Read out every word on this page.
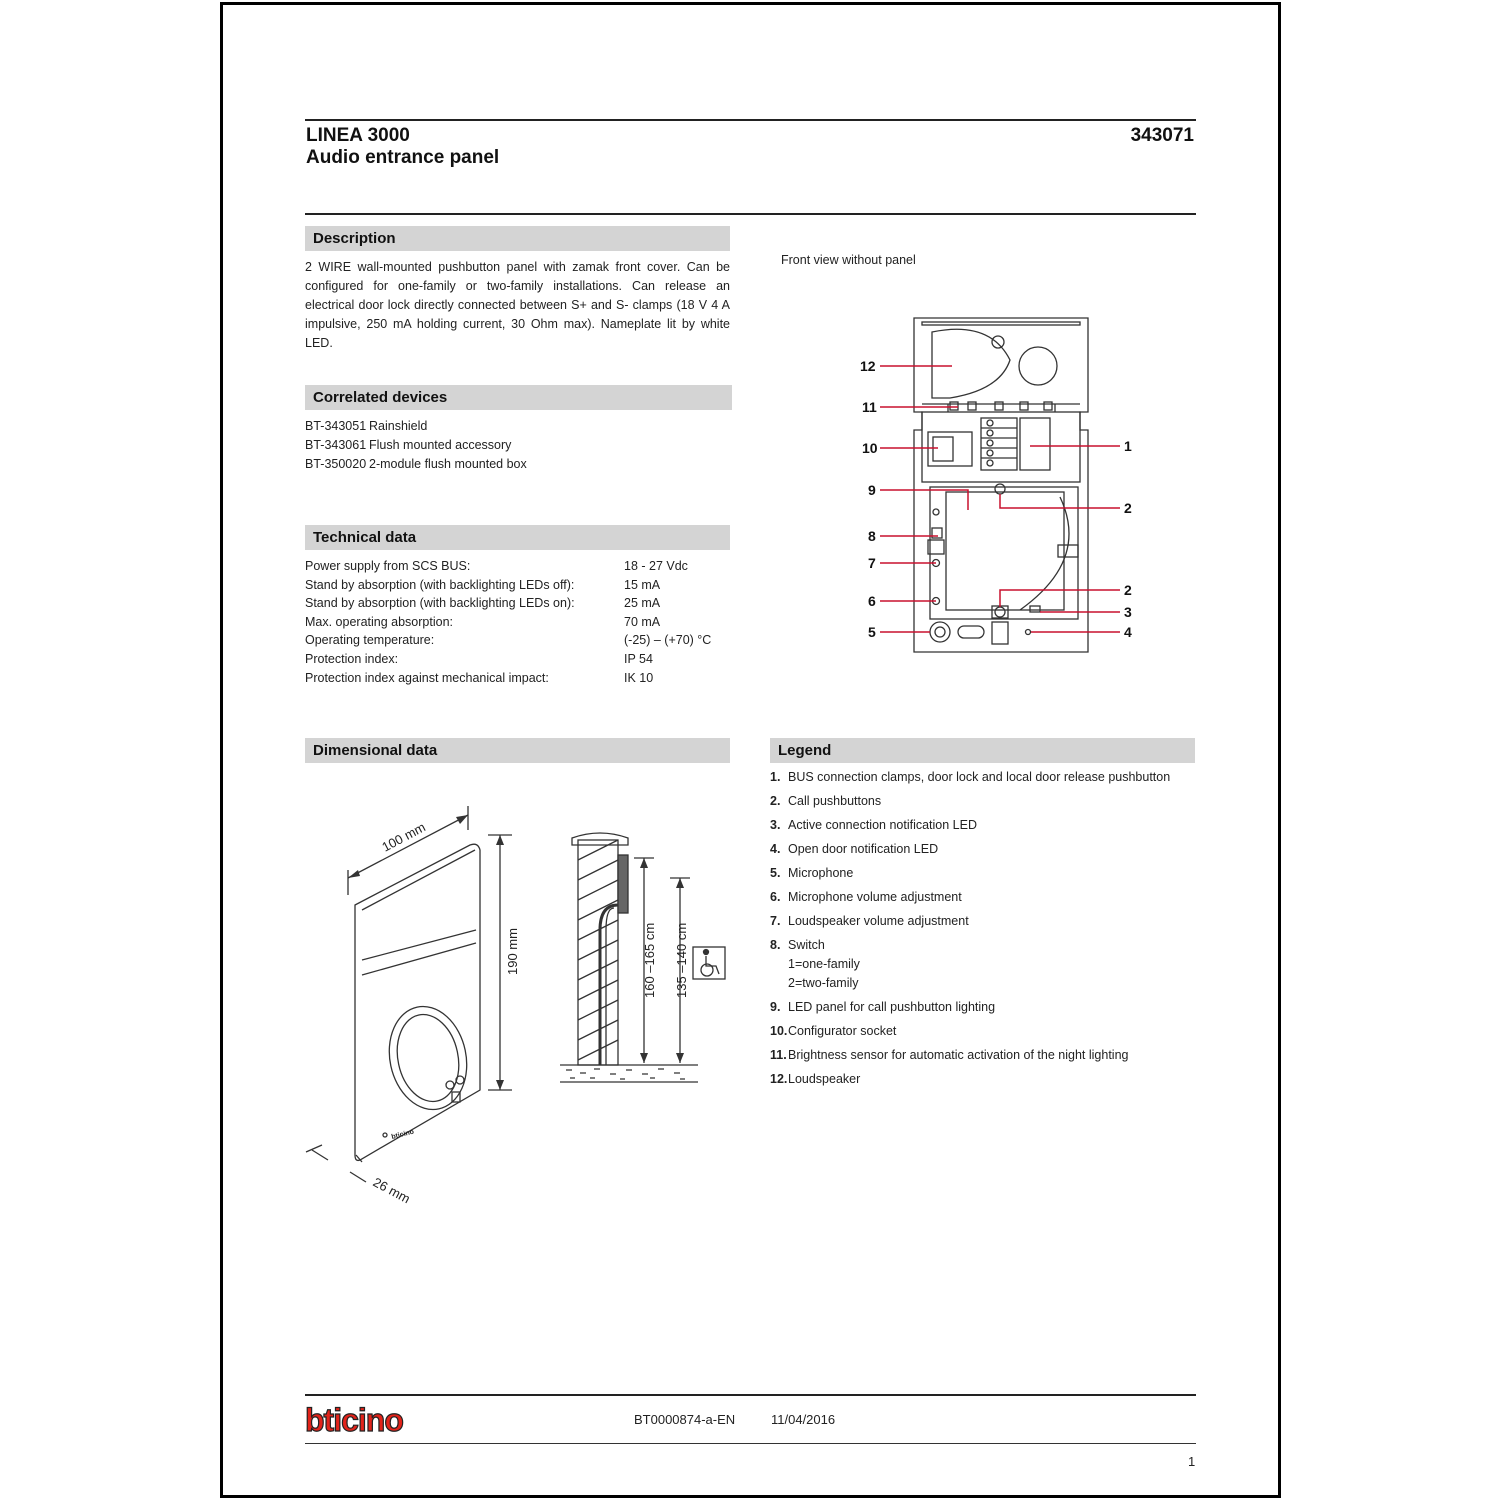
LINEA 3000
Audio entrance panel
343071
Description
2 WIRE wall-mounted pushbutton panel with zamak front cover. Can be configured for one-family or two-family installations. Can release an electrical door lock directly connected between S+ and S- clamps (18 V 4 A impulsive, 250 mA holding current, 30 Ohm max). Nameplate lit by white LED.
Correlated devices
BT-343051 Rainshield
BT-343061 Flush mounted accessory
BT-350020 2-module flush mounted box
Technical data
Power supply from SCS BUS:	18 - 27 Vdc
Stand by absorption (with backlighting LEDs off):	15 mA
Stand by absorption (with backlighting LEDs on):	25 mA
Max. operating absorption:	70 mA
Operating temperature:	(-25) – (+70) °C
Protection index:	IP 54
Protection index against mechanical impact:	IK 10
Front view without panel
12
11
10
9
8
7
6
5
1
2
2
3
4
Dimensional data
100 mm
190 mm
26 mm
160 –165 cm 135 –140 cm
bticino
Legend
1. BUS connection clamps, door lock and local door release pushbutton
2. Call pushbuttons
3. Active connection notification LED
4. Open door notification LED
5. Microphone
6. Microphone volume adjustment
7. Loudspeaker volume adjustment
8. Switch
1=one-family
2=two-family
9. LED panel for call pushbutton lighting
10.Configurator socket
11.Brightness sensor for automatic activation of the night lighting
12.Loudspeaker
bticino	BT0000874-a-EN	11/04/2016
1
